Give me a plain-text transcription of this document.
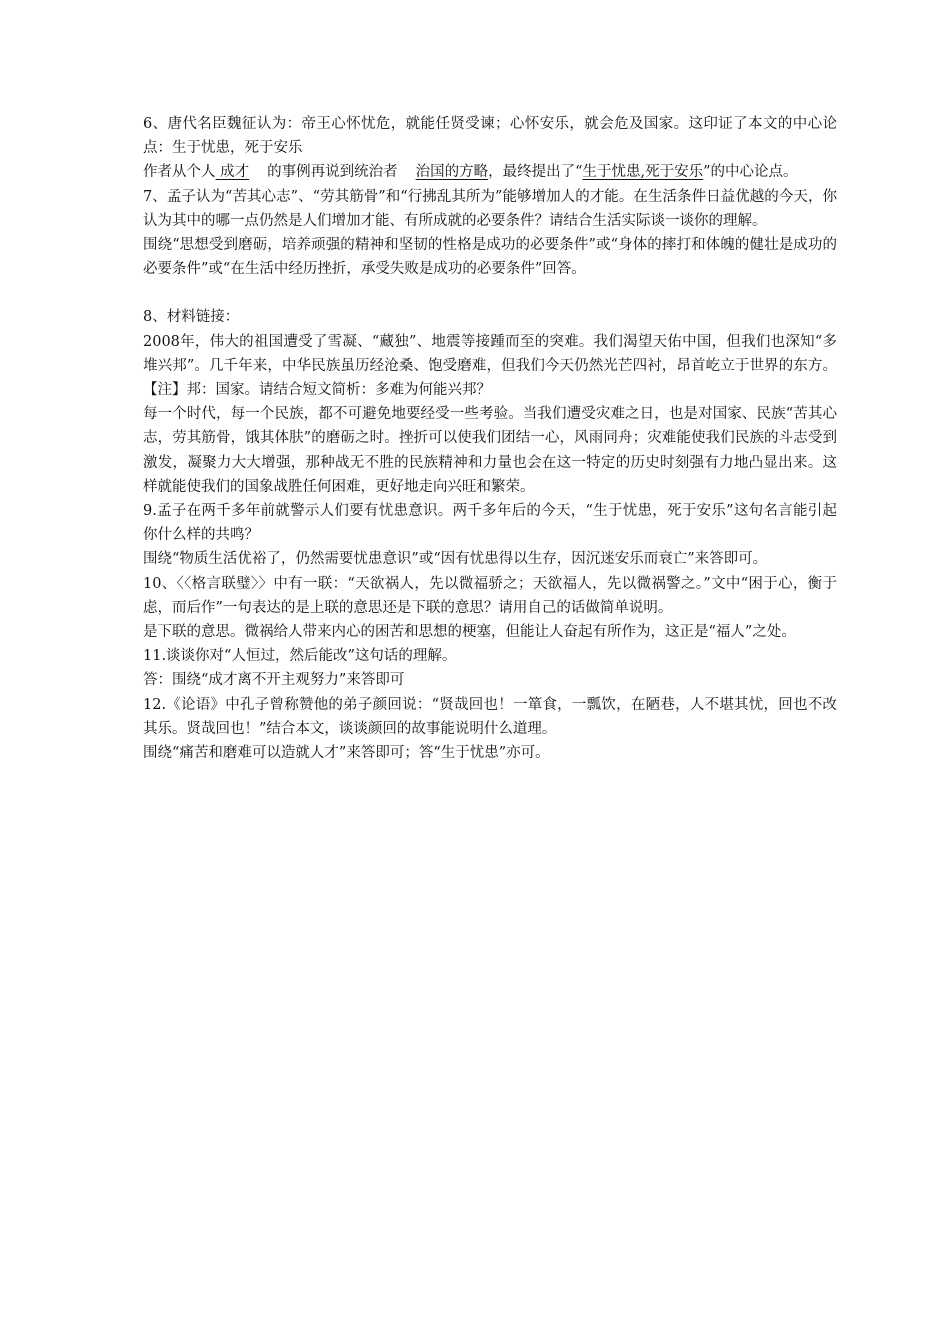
6、唐代名臣魏征认为：帝王心怀忧危，就能任贤受谏；心怀安乐，就会危及国家。这印证了本文的中心论点：生于忧患，死于安乐
作者从个人 成才 的事例再说到统治者 治国的方略，最终提出了“生于忧患,死于安乐”的中心论点。
7、孟子认为“苦其心志”、“劳其筋骨”和“行拂乱其所为”能够增加人的才能。在生活条件日益优越的今天，你认为其中的哪一点仍然是人们增加才能、有所成就的必要条件？请结合生活实际谈一谈你的理解。
围绕“思想受到磨砺，培养顽强的精神和坚韧的性格是成功的必要条件”或“身体的摔打和体魄的健壮是成功的必要条件”或“在生活中经历挫折，承受失败是成功的必要条件”回答。
8、材料链接：
2008年，伟大的祖国遭受了雪凝、“藏独”、地震等接踵而至的突难。我们渴望天佑中国，但我们也深知“多堆兴邦”。几千年来，中华民族虽历经沧桑、饱受磨难，但我们今天仍然光芒四衬，昂首屹立于世界的东方。【注】邦：国家。请结合短文简析：多难为何能兴邦？
每一个时代，每一个民族，都不可避免地要经受一些考验。当我们遭受灾难之日，也是对国家、民族“苦其心志，劳其筋骨，饿其体肤”的磨砺之时。挫折可以使我们团结一心，风雨同舟；灾难能使我们民族的斗志受到激发，凝聚力大大增强，那种战无不胜的民族精神和力量也会在这一特定的历史时刻强有力地凸显出来。这样就能使我们的国象战胜任何困难，更好地走向兴旺和繁荣。
9.孟子在两千多年前就警示人们要有忧患意识。两千多年后的今天，“生于忧患，死于安乐”这句名言能引起你什么样的共鸣？
围绕“物质生活优裕了，仍然需要忧患意识”或“因有忧患得以生存，因沉迷安乐而衰亡”来答即可。
10、〈〈格言联璧〉〉中有一联：“天欲祸人，先以微福骄之；天欲福人，先以微祸警之。”文中“困于心，衡于虑，而后作”一句表达的是上联的意思还是下联的意思？请用自己的话做简单说明。
是下联的意思。微祸给人带来内心的困苦和思想的梗塞，但能让人奋起有所作为，这正是“福人”之处。
11.谈谈你对“人恒过，然后能改”这句话的理解。
答：围绕“成才离不开主观努力”来答即可
12.《论语》中孔子曾称赞他的弟子颜回说：“贤哉回也！一箪食，一瓢饮，在陋巷，人不堪其忧，回也不改其乐。贤哉回也！”结合本文，谈谈颜回的故事能说明什么道理。
围绕“痛苦和磨难可以造就人才”来答即可；答“生于忧患”亦可。
